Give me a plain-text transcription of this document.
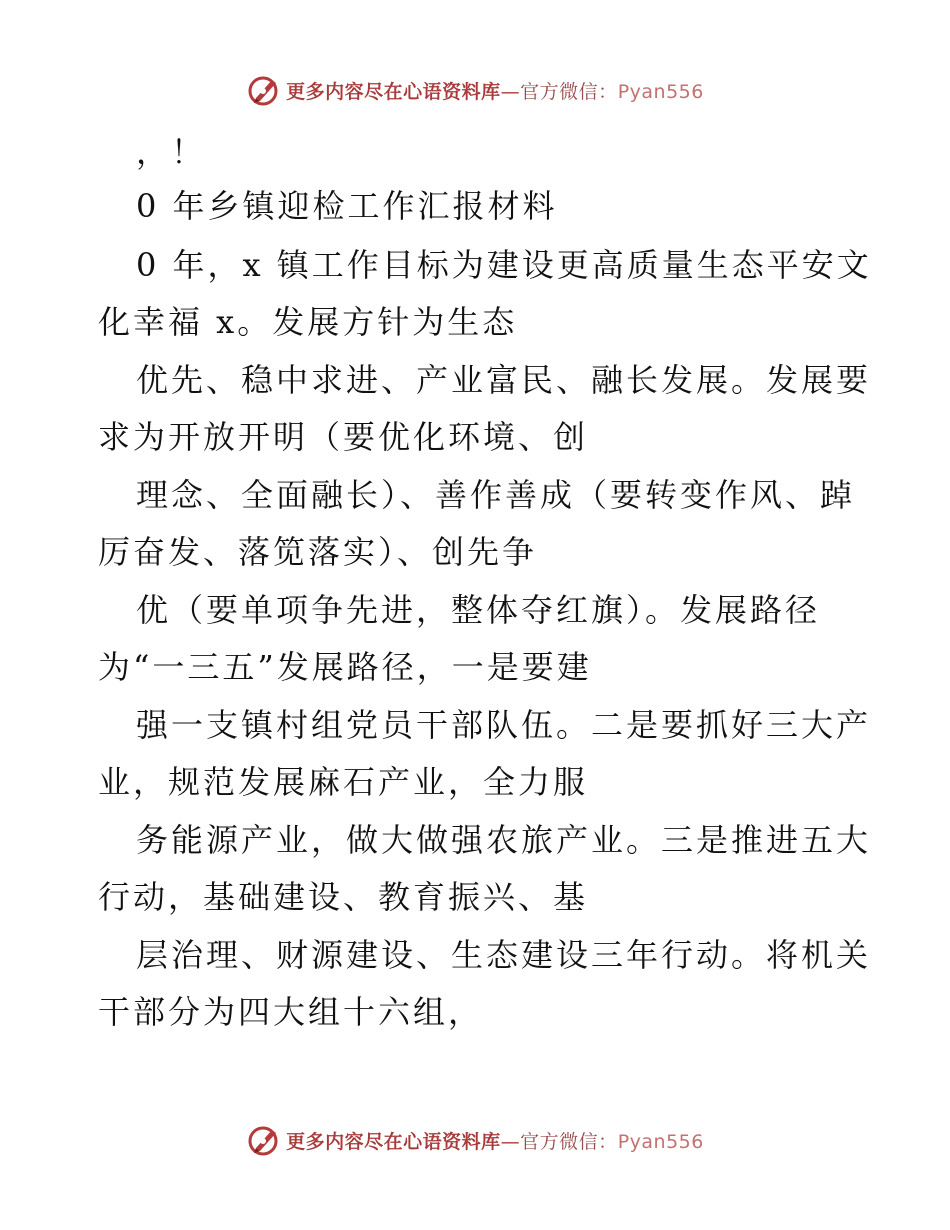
更多内容尽在心语资料库—官方微信：Pyan556
，！
0 年乡镇迎检工作汇报材料
0 年，x 镇工作目标为建设更高质量生态平安文
化幸福 x。发展方针为生态
优先、稳中求进、产业富民、融长发展。发展要
求为开放开明（要优化环境、创
理念、全面融长）、善作善成（要转变作风、踔
厉奋发、落笕落实）、创先争
优（要单项争先进，整体夺红旗）。发展路径
为“一三五”发展路径，一是要建
强一支镇村组党员干部队伍。二是要抓好三大产
业，规范发展麻石产业，全力服
务能源产业，做大做强农旅产业。三是推进五大
行动，基础建设、教育振兴、基
层治理、财源建设、生态建设三年行动。将机关
干部分为四大组十六组，
更多内容尽在心语资料库—官方微信：Pyan556
